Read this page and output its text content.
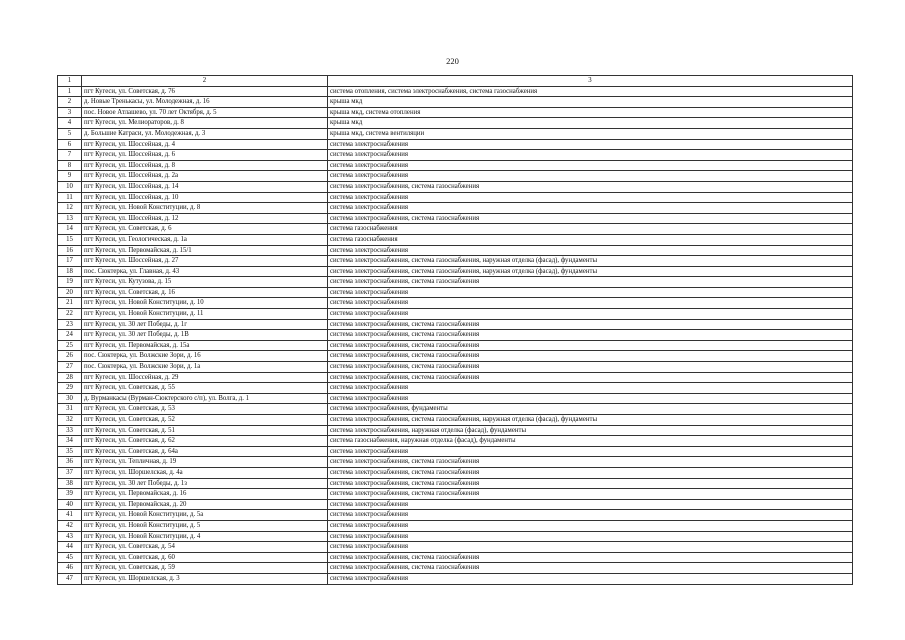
220
1	2	3
1	пгт Кугеси, ул. Советская, д. 76	система отопления, система электроснабжения, система газоснабжения
2	д. Новые Тренькасы, ул. Молодежная, д. 16	крыша мкд
3	пос. Новое Атлашево, ул. 70 лет Октября, д. 5	крыша мкд, система отопления
4	пгт Кугеси, ул. Мелиораторов, д. 8	крыша мкд
5	д. Большие Катраси, ул. Молодежная, д. 3	крыша мкд, система вентиляции
6	пгт Кугеси, ул. Шоссейная, д. 4	система электроснабжения
7	пгт Кугеси, ул. Шоссейная, д. 6	система электроснабжения
8	пгт Кугеси, ул. Шоссейная, д. 8	система электроснабжения
9	пгт Кугеси, ул. Шоссейная, д. 2а	система электроснабжения
10	пгт Кугеси, ул. Шоссейная, д. 14	система электроснабжения, система газоснабжения
11	пгт Кугеси, ул. Шоссейная, д. 10	система электроснабжения
12	пгт Кугеси, ул. Новой Конституции, д. 8	система электроснабжения
13	пгт Кугеси, ул. Шоссейная, д. 12	система электроснабжения, система газоснабжения
14	пгт Кугеси, ул. Советская, д. 6	система газоснабжения
15	пгт Кугеси, ул. Геологическая, д. 1а	система газоснабжения
16	пгт Кугеси, ул. Первомайская, д. 15/1	система электроснабжения
17	пгт Кугеси, ул. Шоссейная, д. 27	система электроснабжения, система газоснабжения, наружная отделка (фасад), фундаменты
18	пос. Сюктерка, ул. Главная, д. 43	система электроснабжения, система газоснабжения, наружная отделка (фасад), фундаменты
19	пгт Кугеси, ул. Кутузова, д. 15	система электроснабжения, система газоснабжения
20	пгт Кугеси, ул. Советская, д. 16	система электроснабжения
21	пгт Кугеси, ул. Новой Конституции, д. 10	система электроснабжения
22	пгт Кугеси, ул. Новой Конституции, д. 11	система электроснабжения
23	пгт Кугеси, ул. 30 лет Победы, д. 1г	система электроснабжения, система газоснабжения
24	пгт Кугеси, ул. 30 лет Победы, д. 1В	система электроснабжения, система газоснабжения
25	пгт Кугеси, ул. Первомайская, д. 15а	система электроснабжения, система газоснабжения
26	пос. Сюктерка, ул. Волжские Зори, д. 16	система электроснабжения, система газоснабжения
27	пос. Сюктерка, ул. Волжские Зори, д. 1а	система электроснабжения, система газоснабжения
28	пгт Кугеси, ул. Шоссейная, д. 29	система электроснабжения, система газоснабжения
29	пгт Кугеси, ул. Советская, д. 55	система электроснабжения
30	д. Вурманкасы (Вурман-Сюктерского с/п), ул. Волга, д. 1	система электроснабжения
31	пгт Кугеси, ул. Советская, д. 53	система электроснабжения, фундаменты
32	пгт Кугеси, ул. Советская, д. 52	система электроснабжения, система газоснабжения, наружная отделка (фасад), фундаменты
33	пгт Кугеси, ул. Советская, д. 51	система электроснабжения, наружная отделка (фасад), фундаменты
34	пгт Кугеси, ул. Советская, д. 62	система газоснабжения, наружная отделка (фасад), фундаменты
35	пгт Кугеси, ул. Советская, д. 64а	система электроснабжения
36	пгт Кугеси, ул. Тепличная, д. 19	система электроснабжения, система газоснабжения
37	пгт Кугеси, ул. Шоршелская, д. 4а	система электроснабжения, система газоснабжения
38	пгт Кугеси, ул. 30 лет Победы, д. 1з	система электроснабжения, система газоснабжения
39	пгт Кугеси, ул. Первомайская, д. 16	система электроснабжения, система газоснабжения
40	пгт Кугеси, ул. Первомайская, д. 20	система электроснабжения
41	пгт Кугеси, ул. Новой Конституции, д. 5а	система электроснабжения
42	пгт Кугеси, ул. Новой Конституции, д. 5	система электроснабжения
43	пгт Кугеси, ул. Новой Конституции, д. 4	система электроснабжения
44	пгт Кугеси, ул. Советская, д. 54	система электроснабжения
45	пгт Кугеси, ул. Советская, д. 60	система электроснабжения, система газоснабжения
46	пгт Кугеси, ул. Советская, д. 59	система электроснабжения, система газоснабжения
47	пгт Кугеси, ул. Шоршелская, д. 3	система электроснабжения
